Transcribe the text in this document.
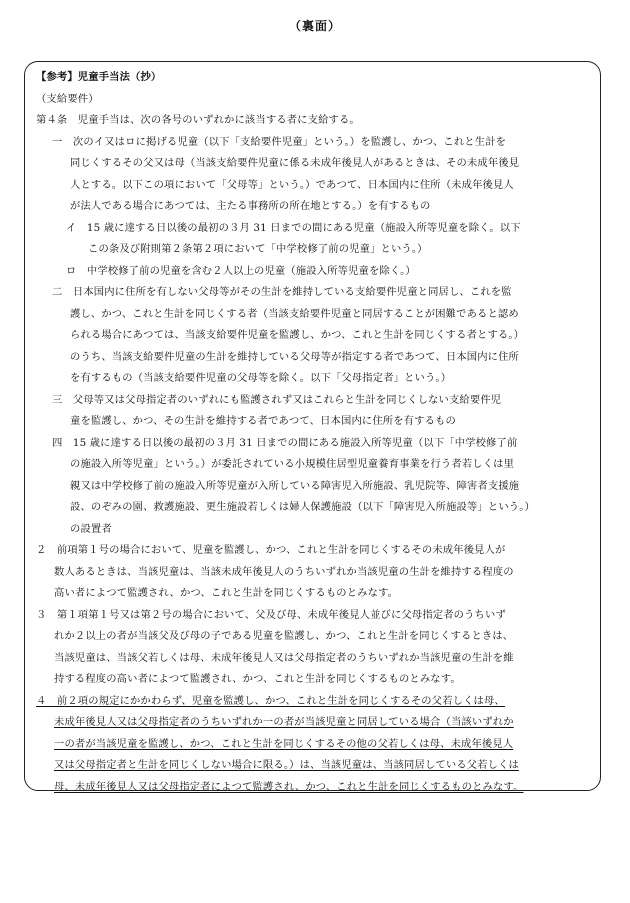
（裏面）
【参考】児童手当法（抄）
（支給要件）
第４条　児童手当は、次の各号のいずれかに該当する者に支給する。
一　次のイ又はロに掲げる児童（以下「支給要件児童」という。）を監護し、かつ、これと生計を
同じくするその父又は母（当該支給要件児童に係る未成年後見人があるときは、その未成年後見
人とする。以下この項において「父母等」という。）であつて、日本国内に住所（未成年後見人
が法人である場合にあつては、主たる事務所の所在地とする。）を有するもの
イ　15 歳に達する日以後の最初の３月 31 日までの間にある児童（施設入所等児童を除く。以下
この条及び附則第２条第２項において「中学校修了前の児童」という。）
ロ　中学校修了前の児童を含む２人以上の児童（施設入所等児童を除く。）
二　日本国内に住所を有しない父母等がその生計を維持している支給要件児童と同居し、これを監
護し、かつ、これと生計を同じくする者（当該支給要件児童と同居することが困難であると認め
られる場合にあつては、当該支給要件児童を監護し、かつ、これと生計を同じくする者とする。）
のうち、当該支給要件児童の生計を維持している父母等が指定する者であつて、日本国内に住所
を有するもの（当該支給要件児童の父母等を除く。以下「父母指定者」という。）
三　父母等又は父母指定者のいずれにも監護されず又はこれらと生計を同じくしない支給要件児
童を監護し、かつ、その生計を維持する者であつて、日本国内に住所を有するもの
四　15 歳に達する日以後の最初の３月 31 日までの間にある施設入所等児童（以下「中学校修了前
の施設入所等児童」という。）が委託されている小規模住居型児童養育事業を行う者若しくは里
親又は中学校修了前の施設入所等児童が入所している障害児入所施設、乳児院等、障害者支援施
設、のぞみの園、救護施設、更生施設若しくは婦人保護施設（以下「障害児入所施設等」という。）
の設置者
２　前項第１号の場合において、児童を監護し、かつ、これと生計を同じくするその未成年後見人が
数人あるときは、当該児童は、当該未成年後見人のうちいずれか当該児童の生計を維持する程度の
高い者によつて監護され、かつ、これと生計を同じくするものとみなす。
３　第１項第１号又は第２号の場合において、父及び母、未成年後見人並びに父母指定者のうちいず
れか２以上の者が当該父及び母の子である児童を監護し、かつ、これと生計を同じくするときは、
当該児童は、当該父若しくは母、未成年後見人又は父母指定者のうちいずれか当該児童の生計を維
持する程度の高い者によつて監護され、かつ、これと生計を同じくするものとみなす。
４　前２項の規定にかかわらず、児童を監護し、かつ、これと生計を同じくするその父若しくは母、
未成年後見人又は父母指定者のうちいずれか一の者が当該児童と同居している場合（当該いずれか
一の者が当該児童を監護し、かつ、これと生計を同じくするその他の父若しくは母、未成年後見人
又は父母指定者と生計を同じくしない場合に限る。）は、当該児童は、当該同居している父若しくは
母、未成年後見人又は父母指定者によつて監護され、かつ、これと生計を同じくするものとみなす。
